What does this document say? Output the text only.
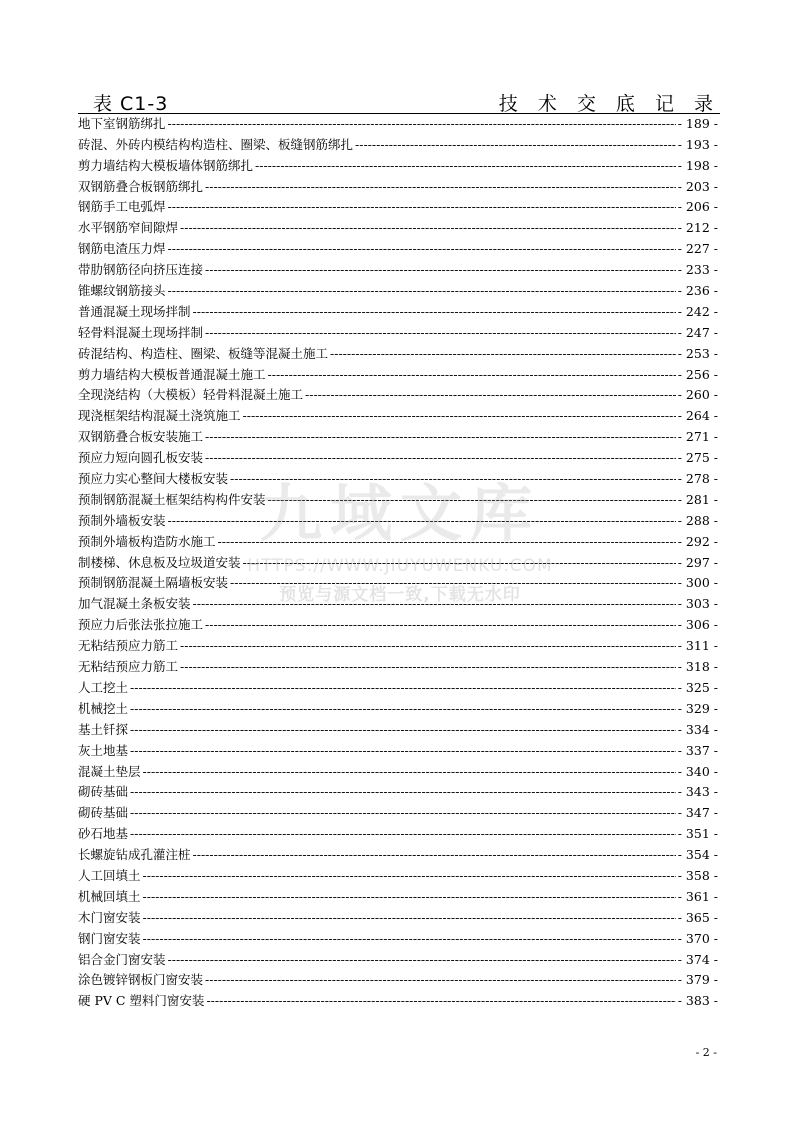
表 C1-3	技 术 交 底 记 录
地下室钢筋绑扎 -----	- 189 -
砖混、外砖内模结构构造柱、圈梁、板缝钢筋绑扎 -----	- 193 -
剪力墙结构大模板墙体钢筋绑扎 -----	- 198 -
双钢筋叠合板钢筋绑扎 -----	- 203 -
钢筋手工电弧焊 -----	- 206 -
水平钢筋窄间隙焊 -----	- 212 -
钢筋电渣压力焊 -----	- 227 -
带肋钢筋径向挤压连接 -----	- 233 -
锥螺纹钢筋接头 -----	- 236 -
普通混凝土现场拌制 -----	- 242 -
轻骨料混凝土现场拌制 -----	- 247 -
砖混结构、构造柱、圈梁、板缝等混凝土施工 -----	- 253 -
剪力墙结构大模板普通混凝土施工 -----	- 256 -
全现浇结构（大模板）轻骨料混凝土施工 -----	- 260 -
现浇框架结构混凝土浇筑施工 -----	- 264 -
双钢筋叠合板安装施工 -----	- 271 -
预应力短向圆孔板安装 -----	- 275 -
预应力实心整间大楼板安装 -----	- 278 -
预制钢筋混凝土框架结构构件安装 -----	- 281 -
预制外墙板安装 -----	- 288 -
预制外墙板构造防水施工 -----	- 292 -
制楼梯、休息板及垃圾道安装 -----	- 297 -
预制钢筋混凝土隔墙板安装 -----	- 300 -
加气混凝土条板安装 -----	- 303 -
预应力后张法张拉施工 -----	- 306 -
无粘结预应力筋工 -----	- 311 -
无粘结预应力筋工 -----	- 318 -
人工挖土 -----	- 325 -
机械挖土 -----	- 329 -
基土钎探 -----	- 334 -
灰土地基 -----	- 337 -
混凝土垫层 -----	- 340 -
砌砖基础 -----	- 343 -
砌砖基础 -----	- 347 -
砂石地基 -----	- 351 -
长螺旋钻成孔灌注桩 -----	- 354 -
人工回填土 -----	- 358 -
机械回填土 -----	- 361 -
木门窗安装 -----	- 365 -
钢门窗安装 -----	- 370 -
铝合金门窗安装 -----	- 374 -
涂色镀锌钢板门窗安装 -----	- 379 -
硬 PV C 塑料门窗安装 -----	- 383 -
九域文库
HTTPS://WWW.JIUYUWENKU.COM
预览与源文档一致,下载无水印
- 2 -
